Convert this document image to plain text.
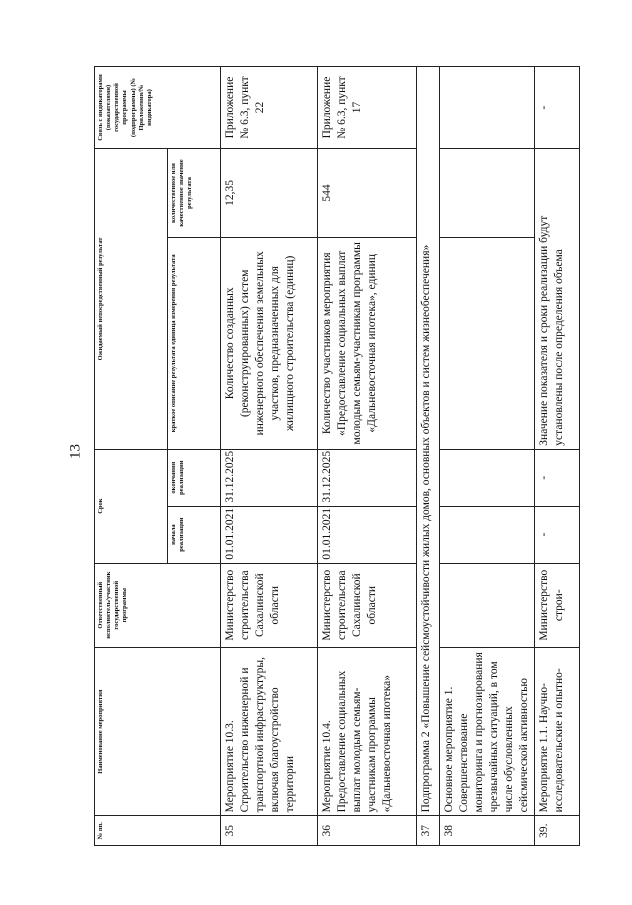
13
№ пп.	Наименование мероприятия	Ответственный исполнитель/участник государственной программы	Срок		Ожидаемый непосредственный результат		Связь с индикаторами (показателями) государственной программы (подпрограммы) (№ Приложения/№ индикатора)
			начала реализации	окончания реализации	краткое описание результата единица измерения результата	количественное или качественное значение результата	
35	Мероприятие 10.3. Строительство инженерной и транспортной инфраструктуры, включая благоустройство территории	Министерство строительства Сахалинской области	01.01.2021	31.12.2025	Количество созданных (реконструированных) систем инженерного обеспечения земельных участков, предназначенных для жилищного строительства (единиц)	12,35	Приложение № 6.3, пункт 22
36	Мероприятие 10.4. Предоставление социальных выплат молодым семьям-участникам программы «Дальневосточная ипотека»	Министерство строительства Сахалинской области	01.01.2021	31.12.2025	Количество участников мероприятия «Предоставление социальных выплат молодым семьям-участникам программы «Дальневосточная ипотека», единиц	544	Приложение № 6.3, пункт 17
37	Подпрограмма 2 «Повышение сейсмоустойчивости жилых домов, основных объектов и систем жизнеобеспечения»						
38	Основное мероприятие 1. Совершенствование мониторинга и прогнозирования чрезвычайных ситуаций, в том числе обусловленных сейсмической активностью						
39.	Мероприятие 1.1. Научно-исследовательские и опытно-	Министерство строи-	-	-	Значение показателя и сроки реализации будут установлены после определения объема		-
